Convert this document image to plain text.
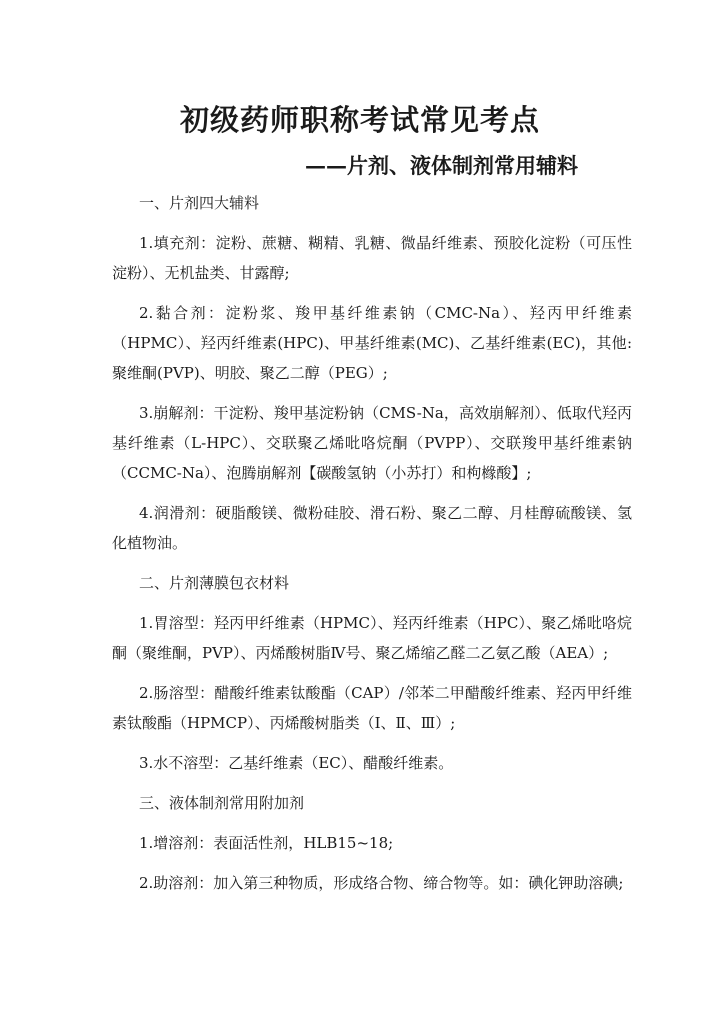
初级药师职称考试常见考点
——片剂、液体制剂常用辅料

一、片剂四大辅料

1.填充剂：淀粉、蔗糖、糊精、乳糖、微晶纤维素、预胶化淀粉（可压性淀粉）、无机盐类、甘露醇;

2.黏合剂：淀粉浆、羧甲基纤维素钠（CMC-Na）、羟丙甲纤维素（HPMC）、羟丙纤维素(HPC)、甲基纤维素(MC)、乙基纤维素(EC)，其他:聚维酮(PVP)、明胶、聚乙二醇（PEG）;

3.崩解剂：干淀粉、羧甲基淀粉钠（CMS-Na，高效崩解剂）、低取代羟丙基纤维素（L-HPC）、交联聚乙烯吡咯烷酮（PVPP）、交联羧甲基纤维素钠（CCMC-Na）、泡腾崩解剂【碳酸氢钠（小苏打）和枸橼酸】;

4.润滑剂：硬脂酸镁、微粉硅胶、滑石粉、聚乙二醇、月桂醇硫酸镁、氢化植物油。

二、片剂薄膜包衣材料

1.胃溶型：羟丙甲纤维素（HPMC）、羟丙纤维素（HPC）、聚乙烯吡咯烷酮（聚维酮，PVP）、丙烯酸树脂Ⅳ号、聚乙烯缩乙醛二乙氨乙酸（AEA）;

2.肠溶型：醋酸纤维素钛酸酯（CAP）/邻苯二甲醋酸纤维素、羟丙甲纤维素钛酸酯（HPMCP）、丙烯酸树脂类（Ⅰ、Ⅱ、Ⅲ）;

3.水不溶型：乙基纤维素（EC）、醋酸纤维素。

三、液体制剂常用附加剂

1.增溶剂：表面活性剂，HLB15~18;

2.助溶剂：加入第三种物质，形成络合物、缔合物等。如：碘化钾助溶碘;
